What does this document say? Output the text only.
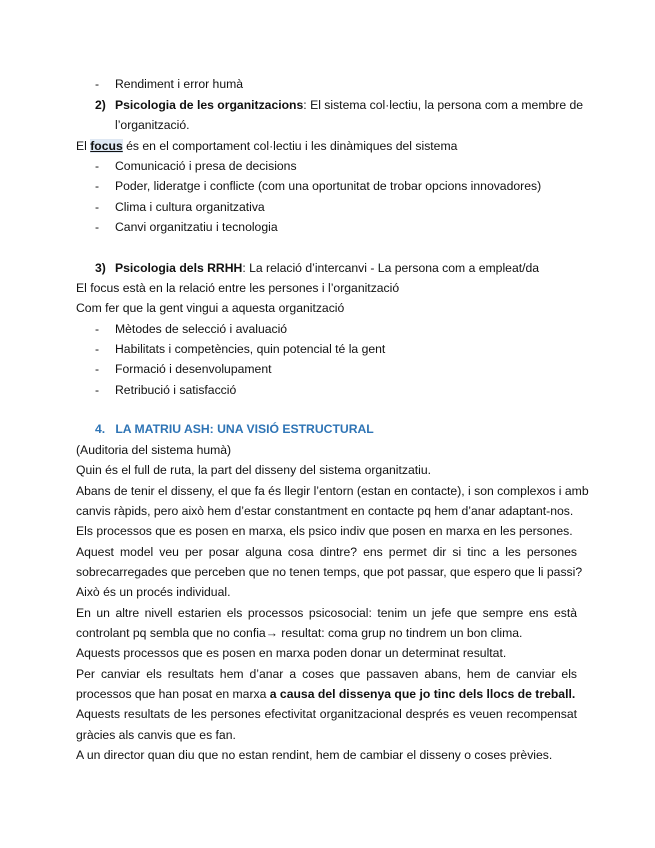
- Rendiment i error humà
2) Psicologia de les organitzacions: El sistema col·lectiu, la persona com a membre de
l’organització.
El focus és en el comportament col·lectiu i les dinàmiques del sistema
- Comunicació i presa de decisions
- Poder, lideratge i conflicte (com una oportunitat de trobar opcions innovadores)
- Clima i cultura organitzativa
- Canvi organitzatiu i tecnologia
3) Psicologia dels RRHH: La relació d’intercanvi - La persona com a empleat/da
El focus està en la relació entre les persones i l’organització
Com fer que la gent vingui a aquesta organització
- Mètodes de selecció i avaluació
- Habilitats i competències, quin potencial té la gent
- Formació i desenvolupament
- Retribució i satisfacció
4. LA MATRIU ASH: UNA VISIÓ ESTRUCTURAL
(Auditoria del sistema humà)
Quin és el full de ruta, la part del disseny del sistema organitzatiu.
Abans de tenir el disseny, el que fa és llegir l’entorn (estan en contacte), i son complexos i amb
canvis ràpids, pero això hem d’estar constantment en contacte pq hem d’anar adaptant-nos.
Els processos que es posen en marxa, els psico indiv que posen en marxa en les persones.
Aquest model veu per posar alguna cosa dintre? ens permet dir si tinc a les persones
sobrecarregades que perceben que no tenen temps, que pot passar, que espero que li passi?
Això és un procés individual.
En un altre nivell estarien els processos psicosocial: tenim un jefe que sempre ens està
controlant pq sembla que no confia→ resultat: coma grup no tindrem un bon clima.
Aquests processos que es posen en marxa poden donar un determinat resultat.
Per canviar els resultats hem d’anar a coses que passaven abans, hem de canviar els
processos que han posat en marxa a causa del dissenya que jo tinc dels llocs de treball.
Aquests resultats de les persones efectivitat organitzacional després es veuen recompensat
gràcies als canvis que es fan.
A un director quan diu que no estan rendint, hem de cambiar el disseny o coses prèvies.
